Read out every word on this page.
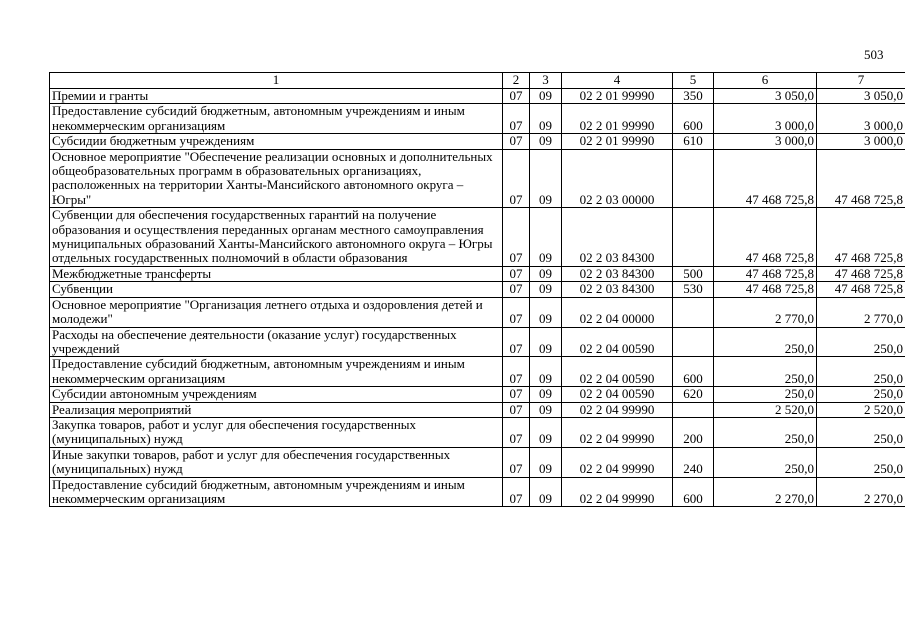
503
1	2	3	4	5	6	7
Премии и гранты	07	09	02 2 01 99990	350	3 050,0	3 050,0
Предоставление субсидий бюджетным, автономным учреждениям и иным некоммерческим организациям	07	09	02 2 01 99990	600	3 000,0	3 000,0
Субсидии бюджетным учреждениям	07	09	02 2 01 99990	610	3 000,0	3 000,0
Основное мероприятие "Обеспечение реализации основных и дополнительных общеобразовательных программ в образовательных организациях, расположенных на территории Ханты-Мансийского автономного округа – Югры"	07	09	02 2 03 00000		47 468 725,8	47 468 725,8
Субвенции для обеспечения государственных гарантий на получение образования и осуществления переданных органам местного самоуправления муниципальных образований Ханты-Мансийского автономного округа – Югры отдельных государственных полномочий в области образования	07	09	02 2 03 84300		47 468 725,8	47 468 725,8
Межбюджетные трансферты	07	09	02 2 03 84300	500	47 468 725,8	47 468 725,8
Субвенции	07	09	02 2 03 84300	530	47 468 725,8	47 468 725,8
Основное мероприятие "Организация летнего отдыха и оздоровления детей и молодежи"	07	09	02 2 04 00000		2 770,0	2 770,0
Расходы на обеспечение деятельности (оказание услуг) государственных учреждений	07	09	02 2 04 00590		250,0	250,0
Предоставление субсидий бюджетным, автономным учреждениям и иным некоммерческим организациям	07	09	02 2 04 00590	600	250,0	250,0
Субсидии автономным учреждениям	07	09	02 2 04 00590	620	250,0	250,0
Реализация мероприятий	07	09	02 2 04 99990		2 520,0	2 520,0
Закупка товаров, работ и услуг для обеспечения государственных (муниципальных) нужд	07	09	02 2 04 99990	200	250,0	250,0
Иные закупки товаров, работ и услуг для обеспечения государственных (муниципальных) нужд	07	09	02 2 04 99990	240	250,0	250,0
Предоставление субсидий бюджетным, автономным учреждениям и иным некоммерческим организациям	07	09	02 2 04 99990	600	2 270,0	2 270,0
